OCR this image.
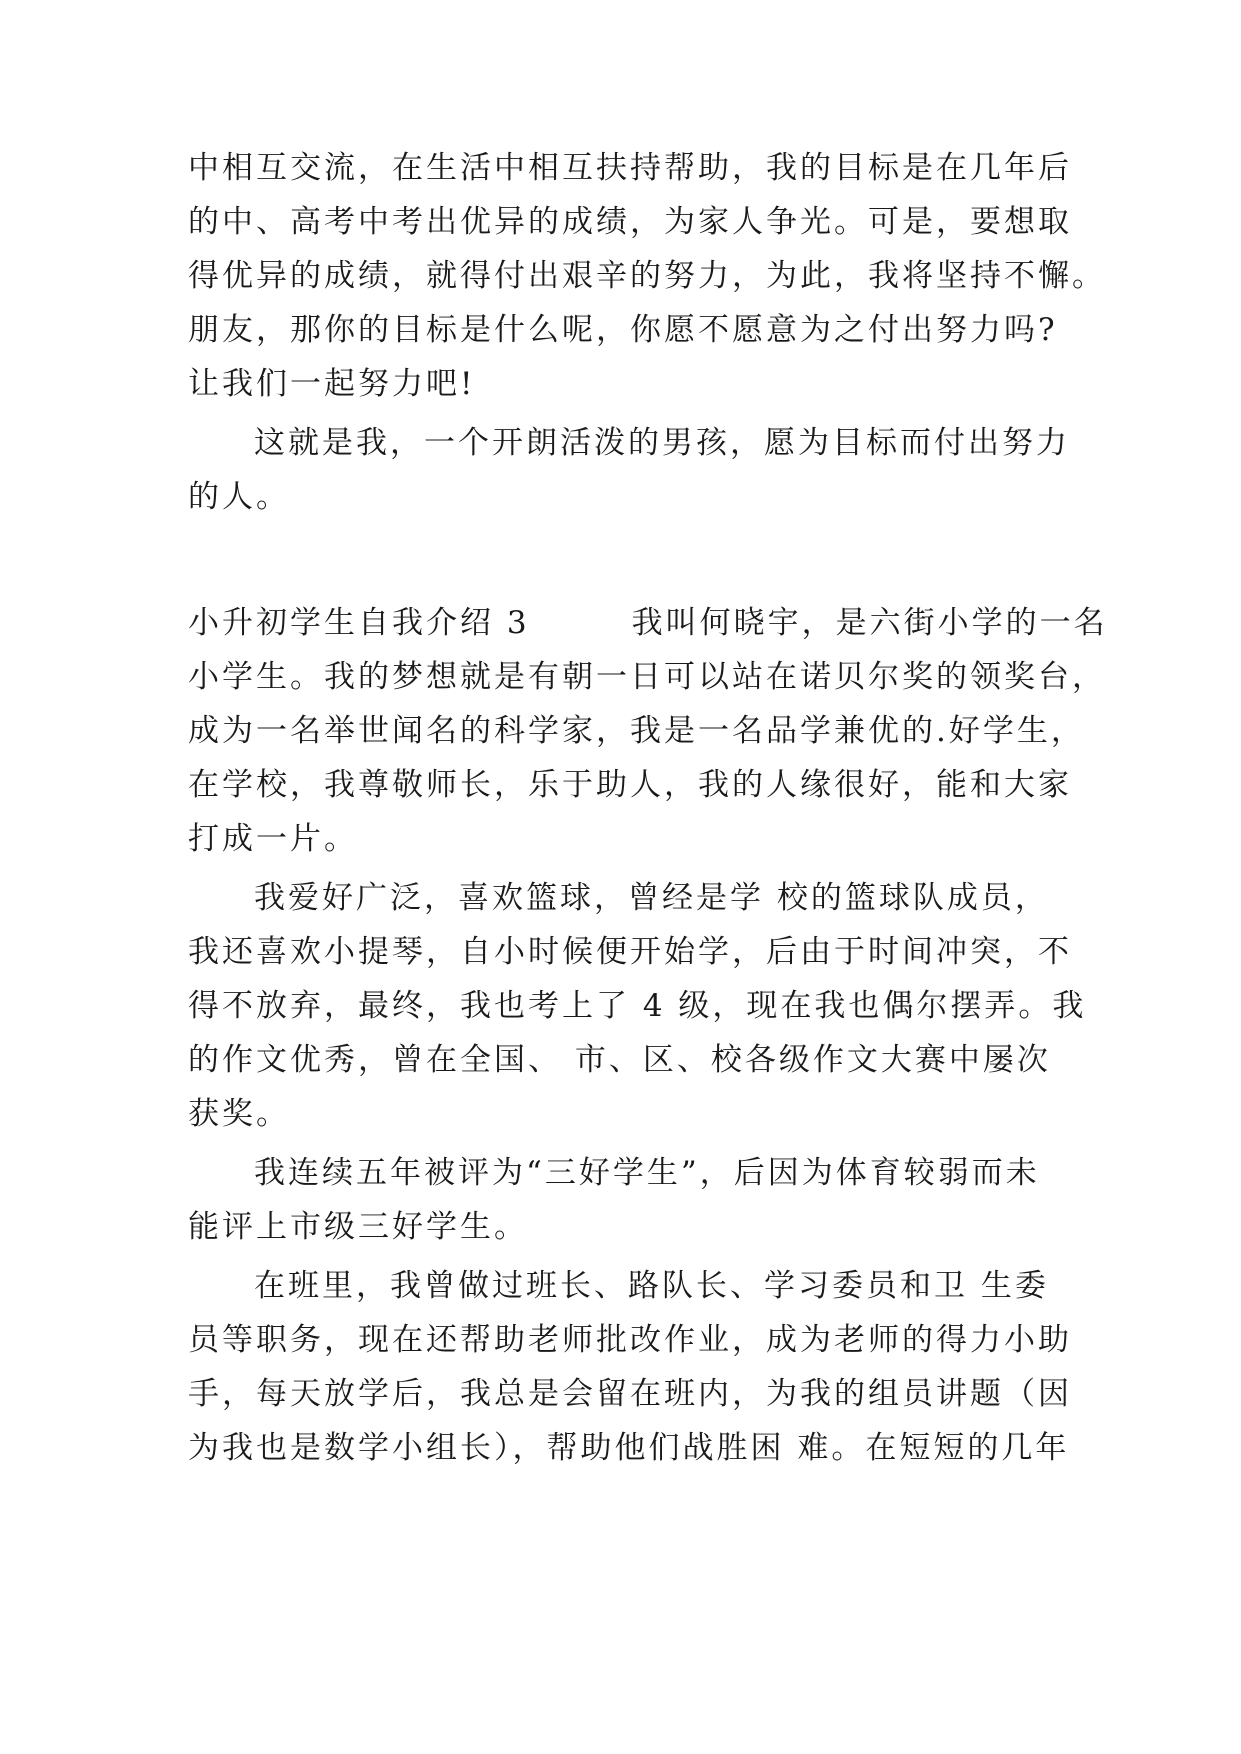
中相互交流，在生活中相互扶持帮助，我的目标是在几年后
的中、高考中考出优异的成绩，为家人争光。可是，要想取
得优异的成绩，就得付出艰辛的努力，为此，我将坚持不懈。
朋友，那你的目标是什么呢，你愿不愿意为之付出努力吗?
让我们一起努力吧!
这就是我，一个开朗活泼的男孩，愿为目标而付出努力
的人。
小升初学生自我介绍 3　　　我叫何晓宇，是六街小学的一名
小学生。我的梦想就是有朝一日可以站在诺贝尔奖的领奖台，
成为一名举世闻名的科学家，我是一名品学兼优的.好学生，
在学校，我尊敬师长，乐于助人，我的人缘很好，能和大家
打成一片。
我爱好广泛，喜欢篮球，曾经是学 校的篮球队成员，
我还喜欢小提琴，自小时候便开始学，后由于时间冲突，不
得不放弃，最终，我也考上了 4 级，现在我也偶尔摆弄。我
的作文优秀，曾在全国、 市、区、校各级作文大赛中屡次
获奖。
我连续五年被评为“三好学生”，后因为体育较弱而未
能评上市级三好学生。
在班里，我曾做过班长、路队长、学习委员和卫 生委
员等职务，现在还帮助老师批改作业，成为老师的得力小助
手，每天放学后，我总是会留在班内，为我的组员讲题（因
为我也是数学小组长），帮助他们战胜困 难。在短短的几年
